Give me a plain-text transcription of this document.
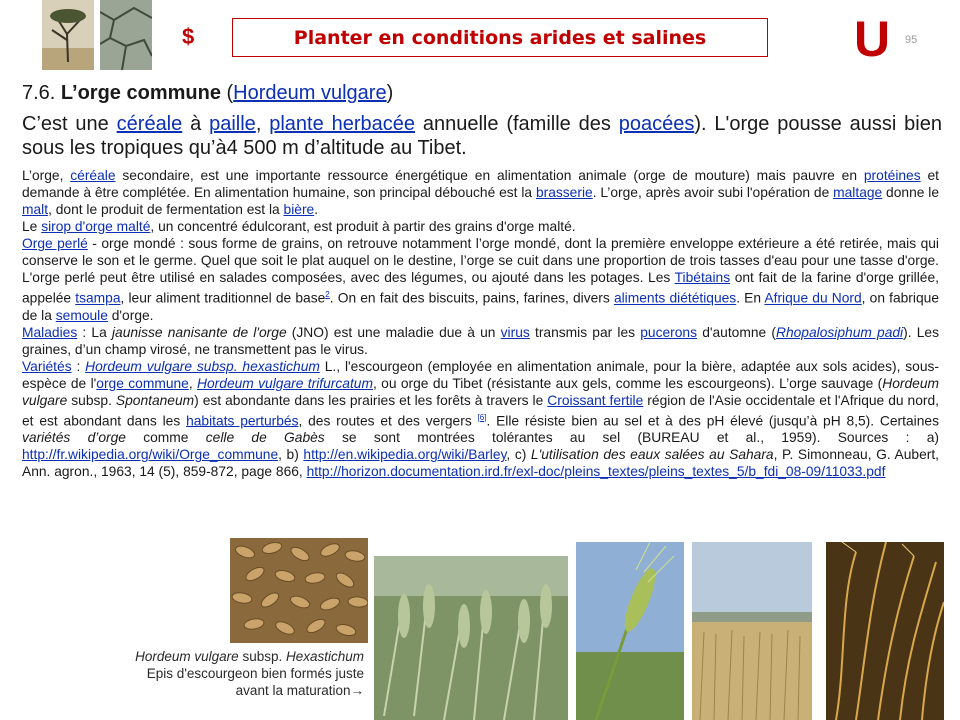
$	Planter en conditions arides et salines	U 95
7.6. L’orge commune (Hordeum vulgare)
C’est une céréale à paille, plante herbacée annuelle (famille des poacées). L'orge pousse aussi bien sous les tropiques qu’à4 500 m d’altitude au Tibet.

L’orge, céréale secondaire, est une importante ressource énergétique en alimentation animale (orge de mouture) mais pauvre en protéines et demande à être complétée. En alimentation humaine, son principal débouché est la brasserie. L’orge, après avoir subi l'opération de maltage donne le malt, dont le produit de fermentation est la bière.

Le sirop d'orge malté, un concentré édulcorant, est produit à partir des grains d'orge malté.

Orge perlé - orge mondé : sous forme de grains, on retrouve notamment l’orge mondé, dont la première enveloppe extérieure a été retirée, mais qui conserve le son et le germe. Quel que soit le plat auquel on le destine, l’orge se cuit dans une proportion de trois tasses d'eau pour une tasse d'orge. L'orge perlé peut être utilisé en salades composées, avec des légumes, ou ajouté dans les potages. Les Tibétains ont fait de la farine d'orge grillée, appelée tsampa, leur aliment traditionnel de base$^2$. On en fait des biscuits, pains, farines, divers aliments diététiques. En Afrique du Nord, on fabrique de la semoule d'orge.

Maladies : La jaunisse nanisante de l'orge (JNO) est une maladie due à un virus transmis par les pucerons d'automne (Rhopalosiphum padi). Les graines, d’un champ virosé, ne transmettent pas le virus.

Variétés : Hordeum vulgare subsp. hexastichum L., l'escourgeon (employée en alimentation animale, pour la bière, adaptée aux sols acides), sous-espèce de l'orge commune, Hordeum vulgare trifurcatum, ou orge du Tibet (résistante aux gels, comme les escourgeons). L’orge sauvage (Hordeum vulgare subsp. Spontaneum) est abondante dans les prairies et les forêts à travers le Croissant fertile région de l'Asie occidentale et l'Afrique du nord, et est abondant dans les habitats perturbés, des routes et des vergers [6]. Elle résiste bien au sel et à des pH élevé (jusqu’à pH 8,5). Certaines variétés d’orge comme celle de Gabès se sont montrées tolérantes au sel (BUREAU et al., 1959). Sources : a) http://fr.wikipedia.org/wiki/Orge_commune, b) http://en.wikipedia.org/wiki/Barley, c) L'utilisation des eaux salées au Sahara, P. Simonneau, G. Aubert, Ann. agron., 1963, 14 (5), 859-872, page 866, http://horizon.documentation.ird.fr/exl-doc/pleins_textes/pleins_textes_5/b_fdi_08-09/11033.pdf

Hordeum vulgare subsp. Hexastichum
Epis d'escourgeon bien formés juste
avant la maturation→
